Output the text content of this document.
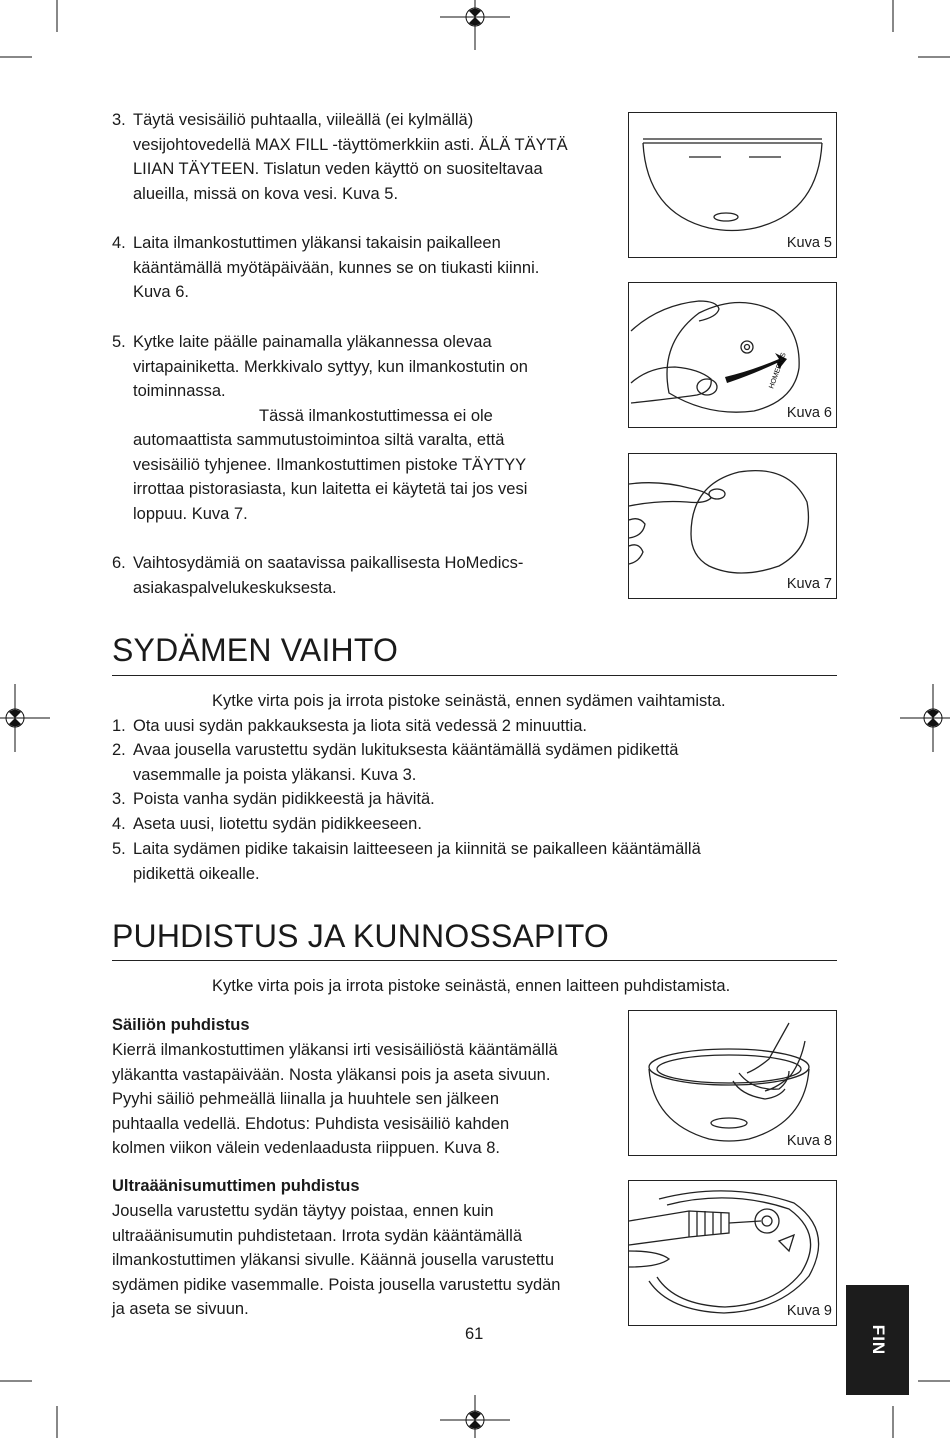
3. Täytä vesisäiliö puhtaalla, viileällä (ei kylmällä)
vesijohtovedellä MAX FILL -täyttömerkkiin asti. ÄLÄ TÄYTÄ
LIIAN TÄYTEEN. Tislatun veden käyttö on suositeltavaa
alueilla, missä on kova vesi. Kuva 5.
4. Laita ilmankostuttimen yläkansi takaisin paikalleen
kääntämällä myötäpäivään, kunnes se on tiukasti kiinni.
Kuva 6.
5. Kytke laite päälle painamalla yläkannessa olevaa
virtapainiketta. Merkkivalo syttyy, kun ilmankostutin on
toiminnassa.
Tässä ilmankostuttimessa ei ole
automaattista sammutustoimintoa siltä varalta, että
vesisäiliö tyhjenee. Ilmankostuttimen pistoke TÄYTYY
irrottaa pistorasiasta, kun laitetta ei käytetä tai jos vesi
loppuu. Kuva 7.
6. Vaihtosydämiä on saatavissa paikallisesta HoMedics-
asiakaspalvelukeskuksesta.
Kuva 5
HOMEDICS
Kuva 6
Kuva 7
SYDÄMEN VAIHTO
Kytke virta pois ja irrota pistoke seinästä, ennen sydämen vaihtamista.
1. Ota uusi sydän pakkauksesta ja liota sitä vedessä 2 minuuttia.
2. Avaa jousella varustettu sydän lukituksesta kääntämällä sydämen pidikettä
vasemmalle ja poista yläkansi. Kuva 3.
3. Poista vanha sydän pidikkeestä ja hävitä.
4. Aseta uusi, liotettu sydän pidikkeeseen.
5. Laita sydämen pidike takaisin laitteeseen ja kiinnitä se paikalleen kääntämällä
pidikettä oikealle.
PUHDISTUS JA KUNNOSSAPITO
Kytke virta pois ja irrota pistoke seinästä, ennen laitteen puhdistamista.
Säiliön puhdistus
Kierrä ilmankostuttimen yläkansi irti vesisäiliöstä kääntämällä
yläkantta vastapäivään. Nosta yläkansi pois ja aseta sivuun.
Pyyhi säiliö pehmeällä liinalla ja huuhtele sen jälkeen
puhtaalla vedellä. Ehdotus: Puhdista vesisäiliö kahden
kolmen viikon välein vedenlaadusta riippuen. Kuva 8.
Ultraäänisumuttimen puhdistus
Jousella varustettu sydän täytyy poistaa, ennen kuin
ultraäänisumutin puhdistetaan. Irrota sydän kääntämällä
ilmankostuttimen yläkansi sivulle. Käännä jousella varustettu
sydämen pidike vasemmalle. Poista jousella varustettu sydän
ja aseta se sivuun.
Kuva 8
Kuva 9
61	FIN
